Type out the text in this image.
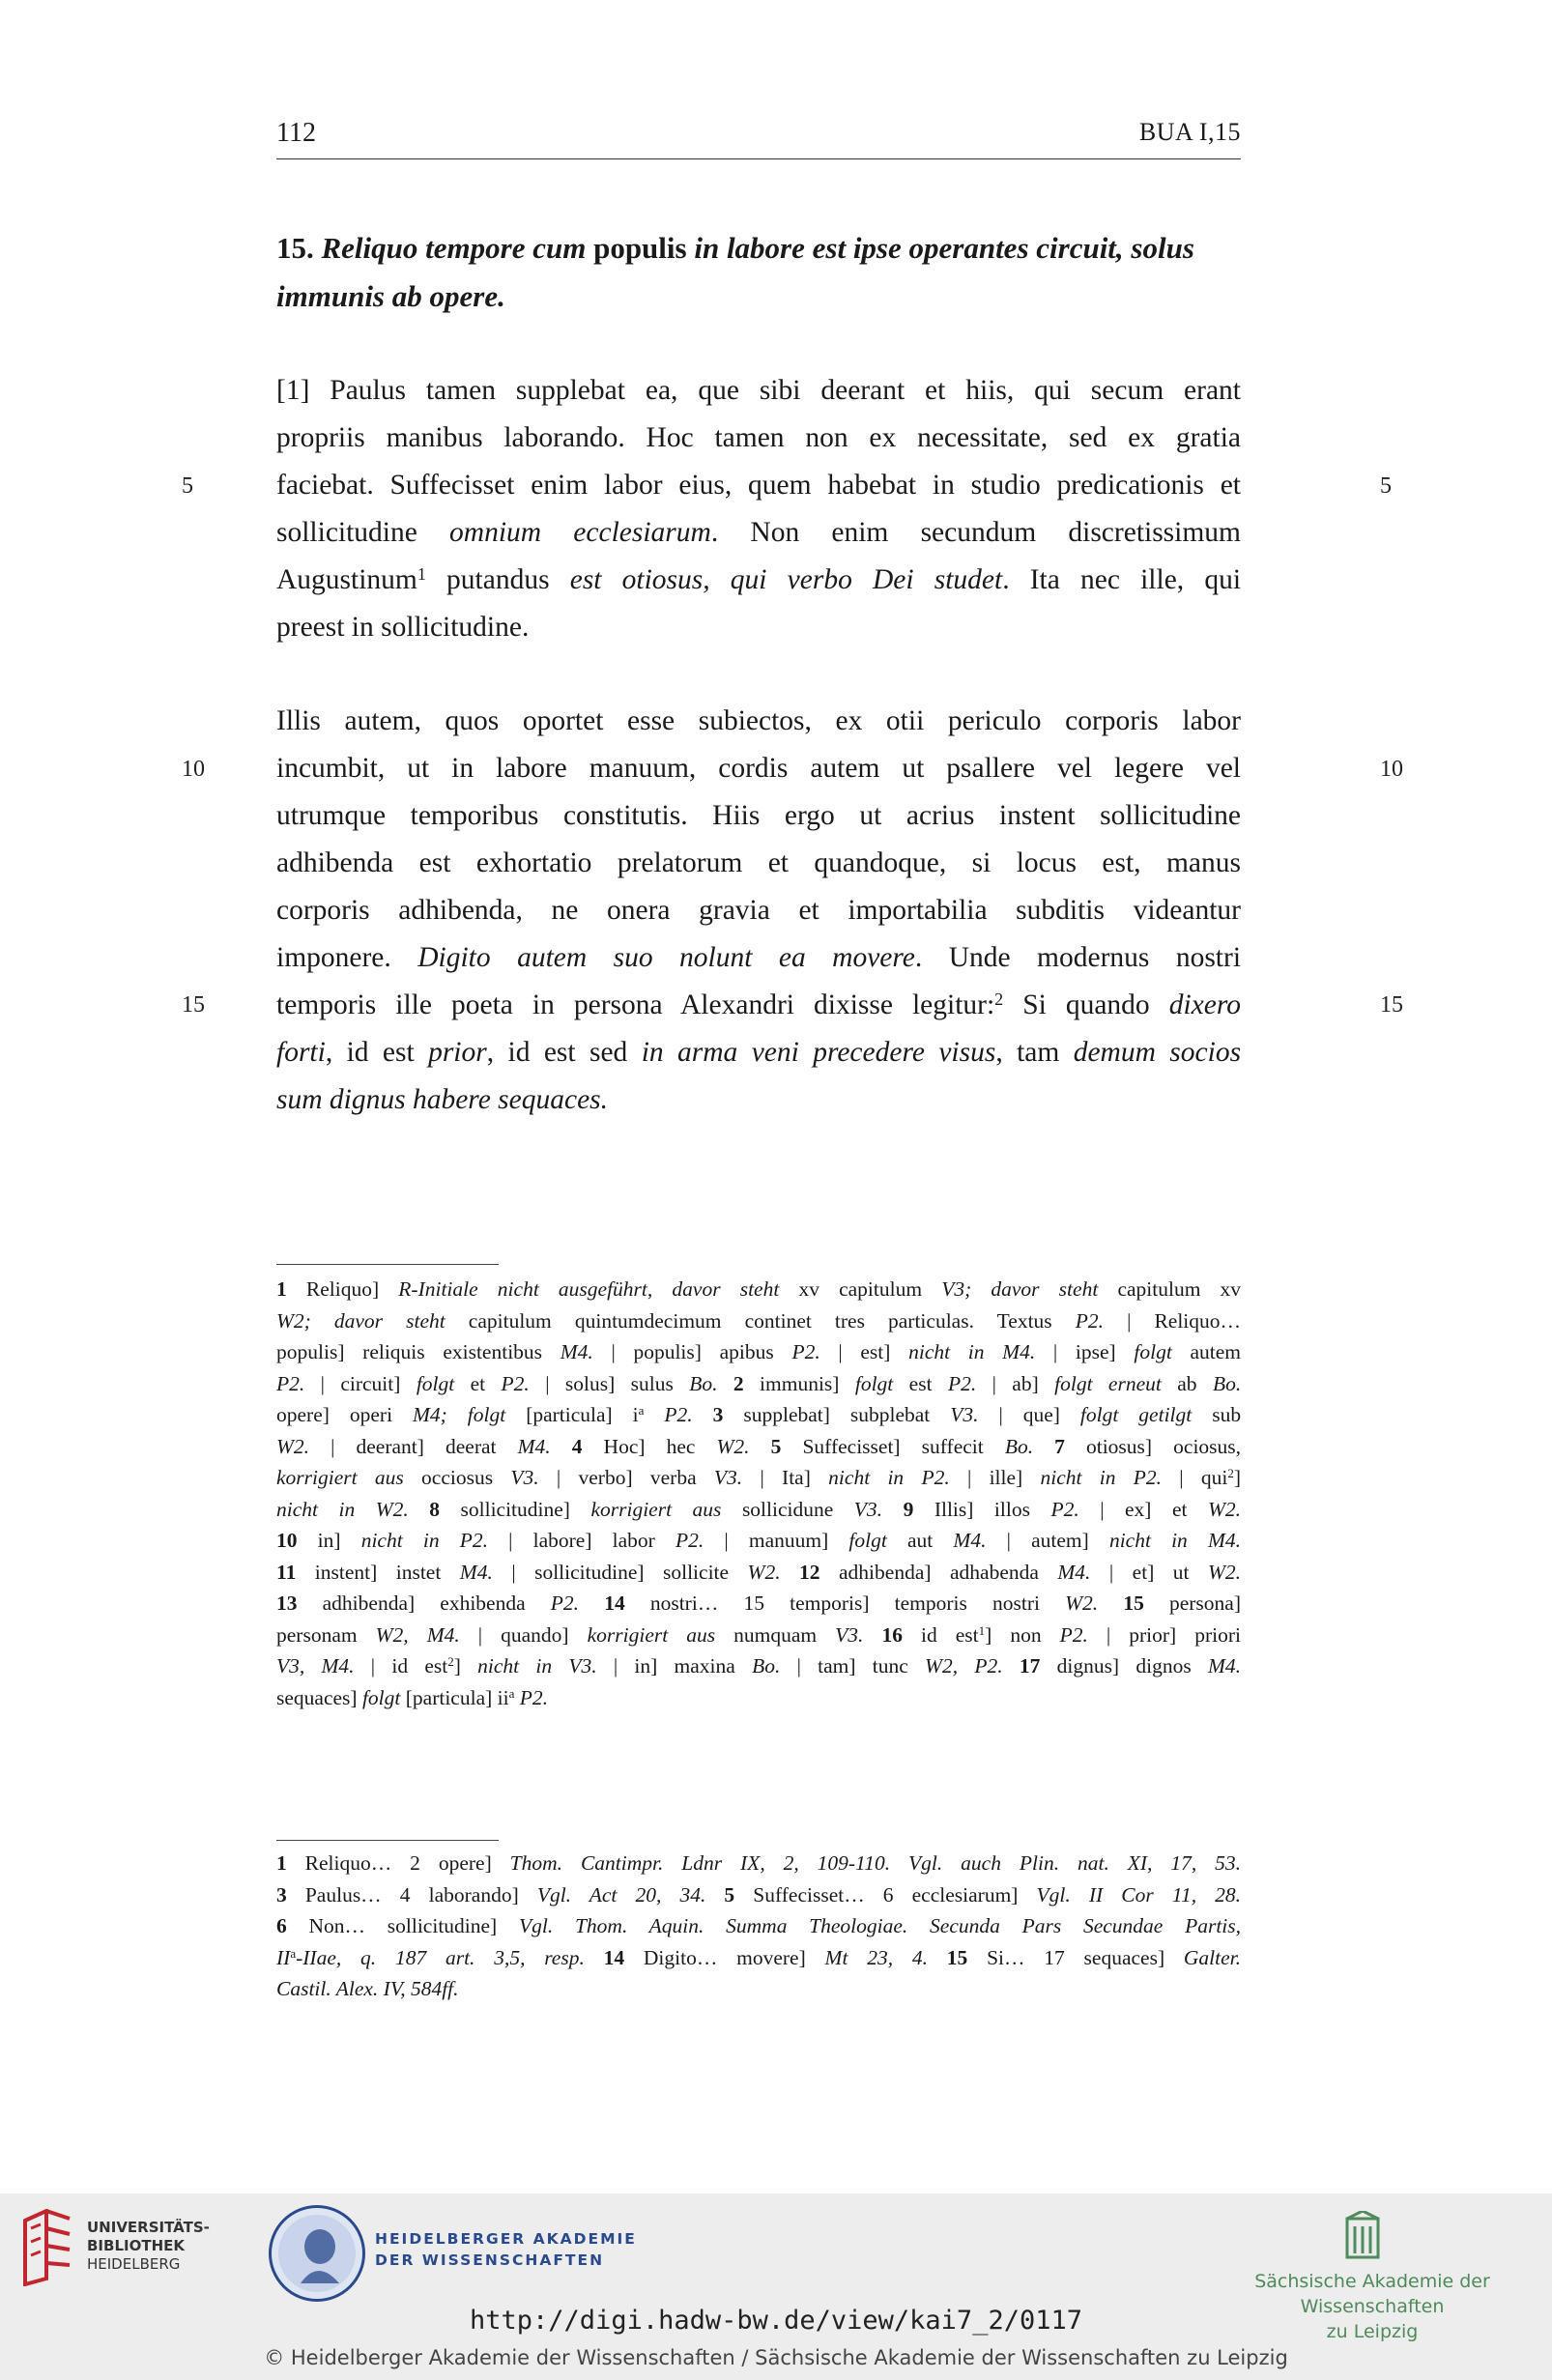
112	BUA I,15
15. Reliquo tempore cum populis in labore est ipse operantes circuit, solus
immunis ab opere.
[1] Paulus tamen supplebat ea, que sibi deerant et hiis, qui secum erant
propriis manibus laborando. Hoc tamen non ex necessitate, sed ex gratia
faciebat. Suffecisset enim labor eius, quem habebat in studio predicationis et
sollicitudine omnium ecclesiarum. Non enim secundum discretissimum
Augustinum$^1$ putandus est otiosus, qui verbo Dei studet. Ita nec ille, qui
preest in sollicitudine.
Illis autem, quos oportet esse subiectos, ex otii periculo corporis labor
incumbit, ut in labore manuum, cordis autem ut psallere vel legere vel
utrumque temporibus constitutis. Hiis ergo ut acrius instent sollicitudine
adhibenda est exhortatio prelatorum et quandoque, si locus est, manus
corporis adhibenda, ne onera gravia et importabilia subditis videantur
imponere. Digito autem suo nolunt ea movere. Unde modernus nostri
temporis ille poeta in persona Alexandri dixisse legitur:$^2$ Si quando dixero
forti, id est prior, id est sed in arma veni precedere visus, tam demum socios
sum dignus habere sequaces.
5	5
10	10
15	15
1 Reliquo] R-Initiale nicht ausgeführt, davor steht xv capitulum V3; davor steht capitulum xv
W2; davor steht capitulum quintumdecimum continet tres particulas. Textus P2. | Reliquo…
populis] reliquis existentibus M4. | populis] apibus P2. | est] nicht in M4. | ipse] folgt autem
P2. | circuit] folgt et P2. | solus] sulus Bo. 2 immunis] folgt est P2. | ab] folgt erneut ab Bo.
opere] operi M4; folgt [particula] $i^a$ P2. 3 supplebat] subplebat V3. | que] folgt getilgt sub
W2. | deerant] deerat M4. 4 Hoc] hec W2. 5 Suffecisset] suffecit Bo. 7 otiosus] ociosus,
korrigiert aus occiosus V3. | verbo] verba V3. | Ita] nicht in P2. | ille] nicht in P2. | qui$^2$]
nicht in W2. 8 sollicitudine] korrigiert aus sollicidune V3. 9 Illis] illos P2. | ex] et W2.
10 in] nicht in P2. | labore] labor P2. | manuum] folgt aut M4. | autem] nicht in M4.
11 instent] instet M4. | sollicitudine] sollicite W2. 12 adhibenda] adhabenda M4. | et] ut W2.
13 adhibenda] exhibenda P2. 14 nostri… 15 temporis] temporis nostri W2. 15 persona]
personam W2, M4. | quando] korrigiert aus numquam V3. 16 id est$^1$] non P2. | prior] priori
V3, M4. | id est$^2$] nicht in V3. | in] maxina Bo. | tam] tunc W2, P2. 17 dignus] dignos M4.
sequaces] folgt [particula] $ii^a$ P2.
1 Reliquo… 2 opere] Thom. Cantimpr. Ldnr IX, 2, 109-110. Vgl. auch Plin. nat. XI, 17, 53.
3 Paulus… 4 laborando] Vgl. Act 20, 34. 5 Suffecisset… 6 ecclesiarum] Vgl. II Cor 11, 28.
6 Non… sollicitudine] Vgl. Thom. Aquin. Summa Theologiae. Secunda Pars Secundae Partis,
$II^a$-IIae, q. 187 art. 3,5, resp. 14 Digito… movere] Mt 23, 4. 15 Si… 17 sequaces] Galter.
Castil. Alex. IV, 584ff.
UNIVERSITÄTS-
BIBLIOTHEK
HEIDELBERG
HEIDELBERGER AKADEMIE
DER WISSENSCHAFTEN
Sächsische Akademie der Wissenschaften
zu Leipzig
http://digi.hadw-bw.de/view/kai7_2/0117
© Heidelberger Akademie der Wissenschaften / Sächsische Akademie der Wissenschaften zu Leipzig
